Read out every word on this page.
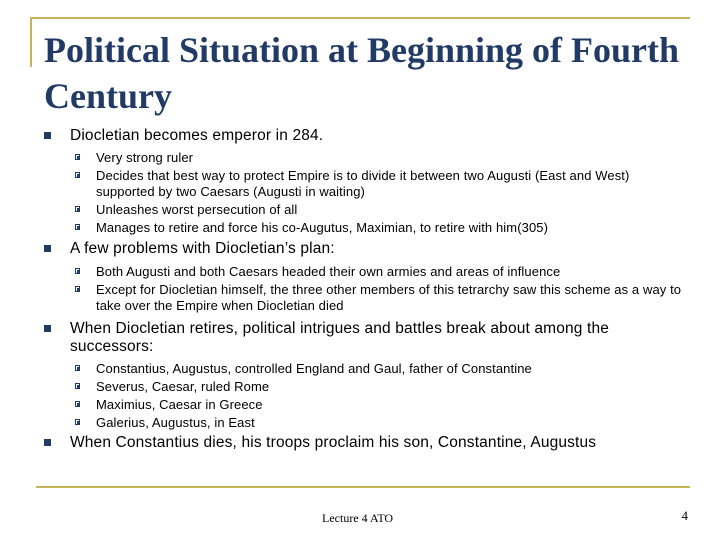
Political Situation at Beginning of Fourth Century
Diocletian becomes emperor in 284.
Very strong ruler
Decides that best way to protect Empire is to divide it between two Augusti (East and West) supported by two Caesars (Augusti in waiting)
Unleashes worst persecution of all
Manages to retire and force his co-Augutus, Maximian, to retire with him(305)
A few problems with Diocletian’s plan:
Both Augusti and both Caesars headed their own armies and areas of influence
Except for Diocletian himself, the three other members of this tetrarchy saw this scheme as a way to take over the Empire when Diocletian died
When Diocletian retires, political intrigues and battles break about among the successors:
Constantius, Augustus, controlled England and Gaul, father of Constantine
Severus, Caesar, ruled Rome
Maximius, Caesar in Greece
Galerius, Augustus, in East
When Constantius dies, his troops proclaim his son, Constantine, Augustus
Lecture 4 ATO	4
